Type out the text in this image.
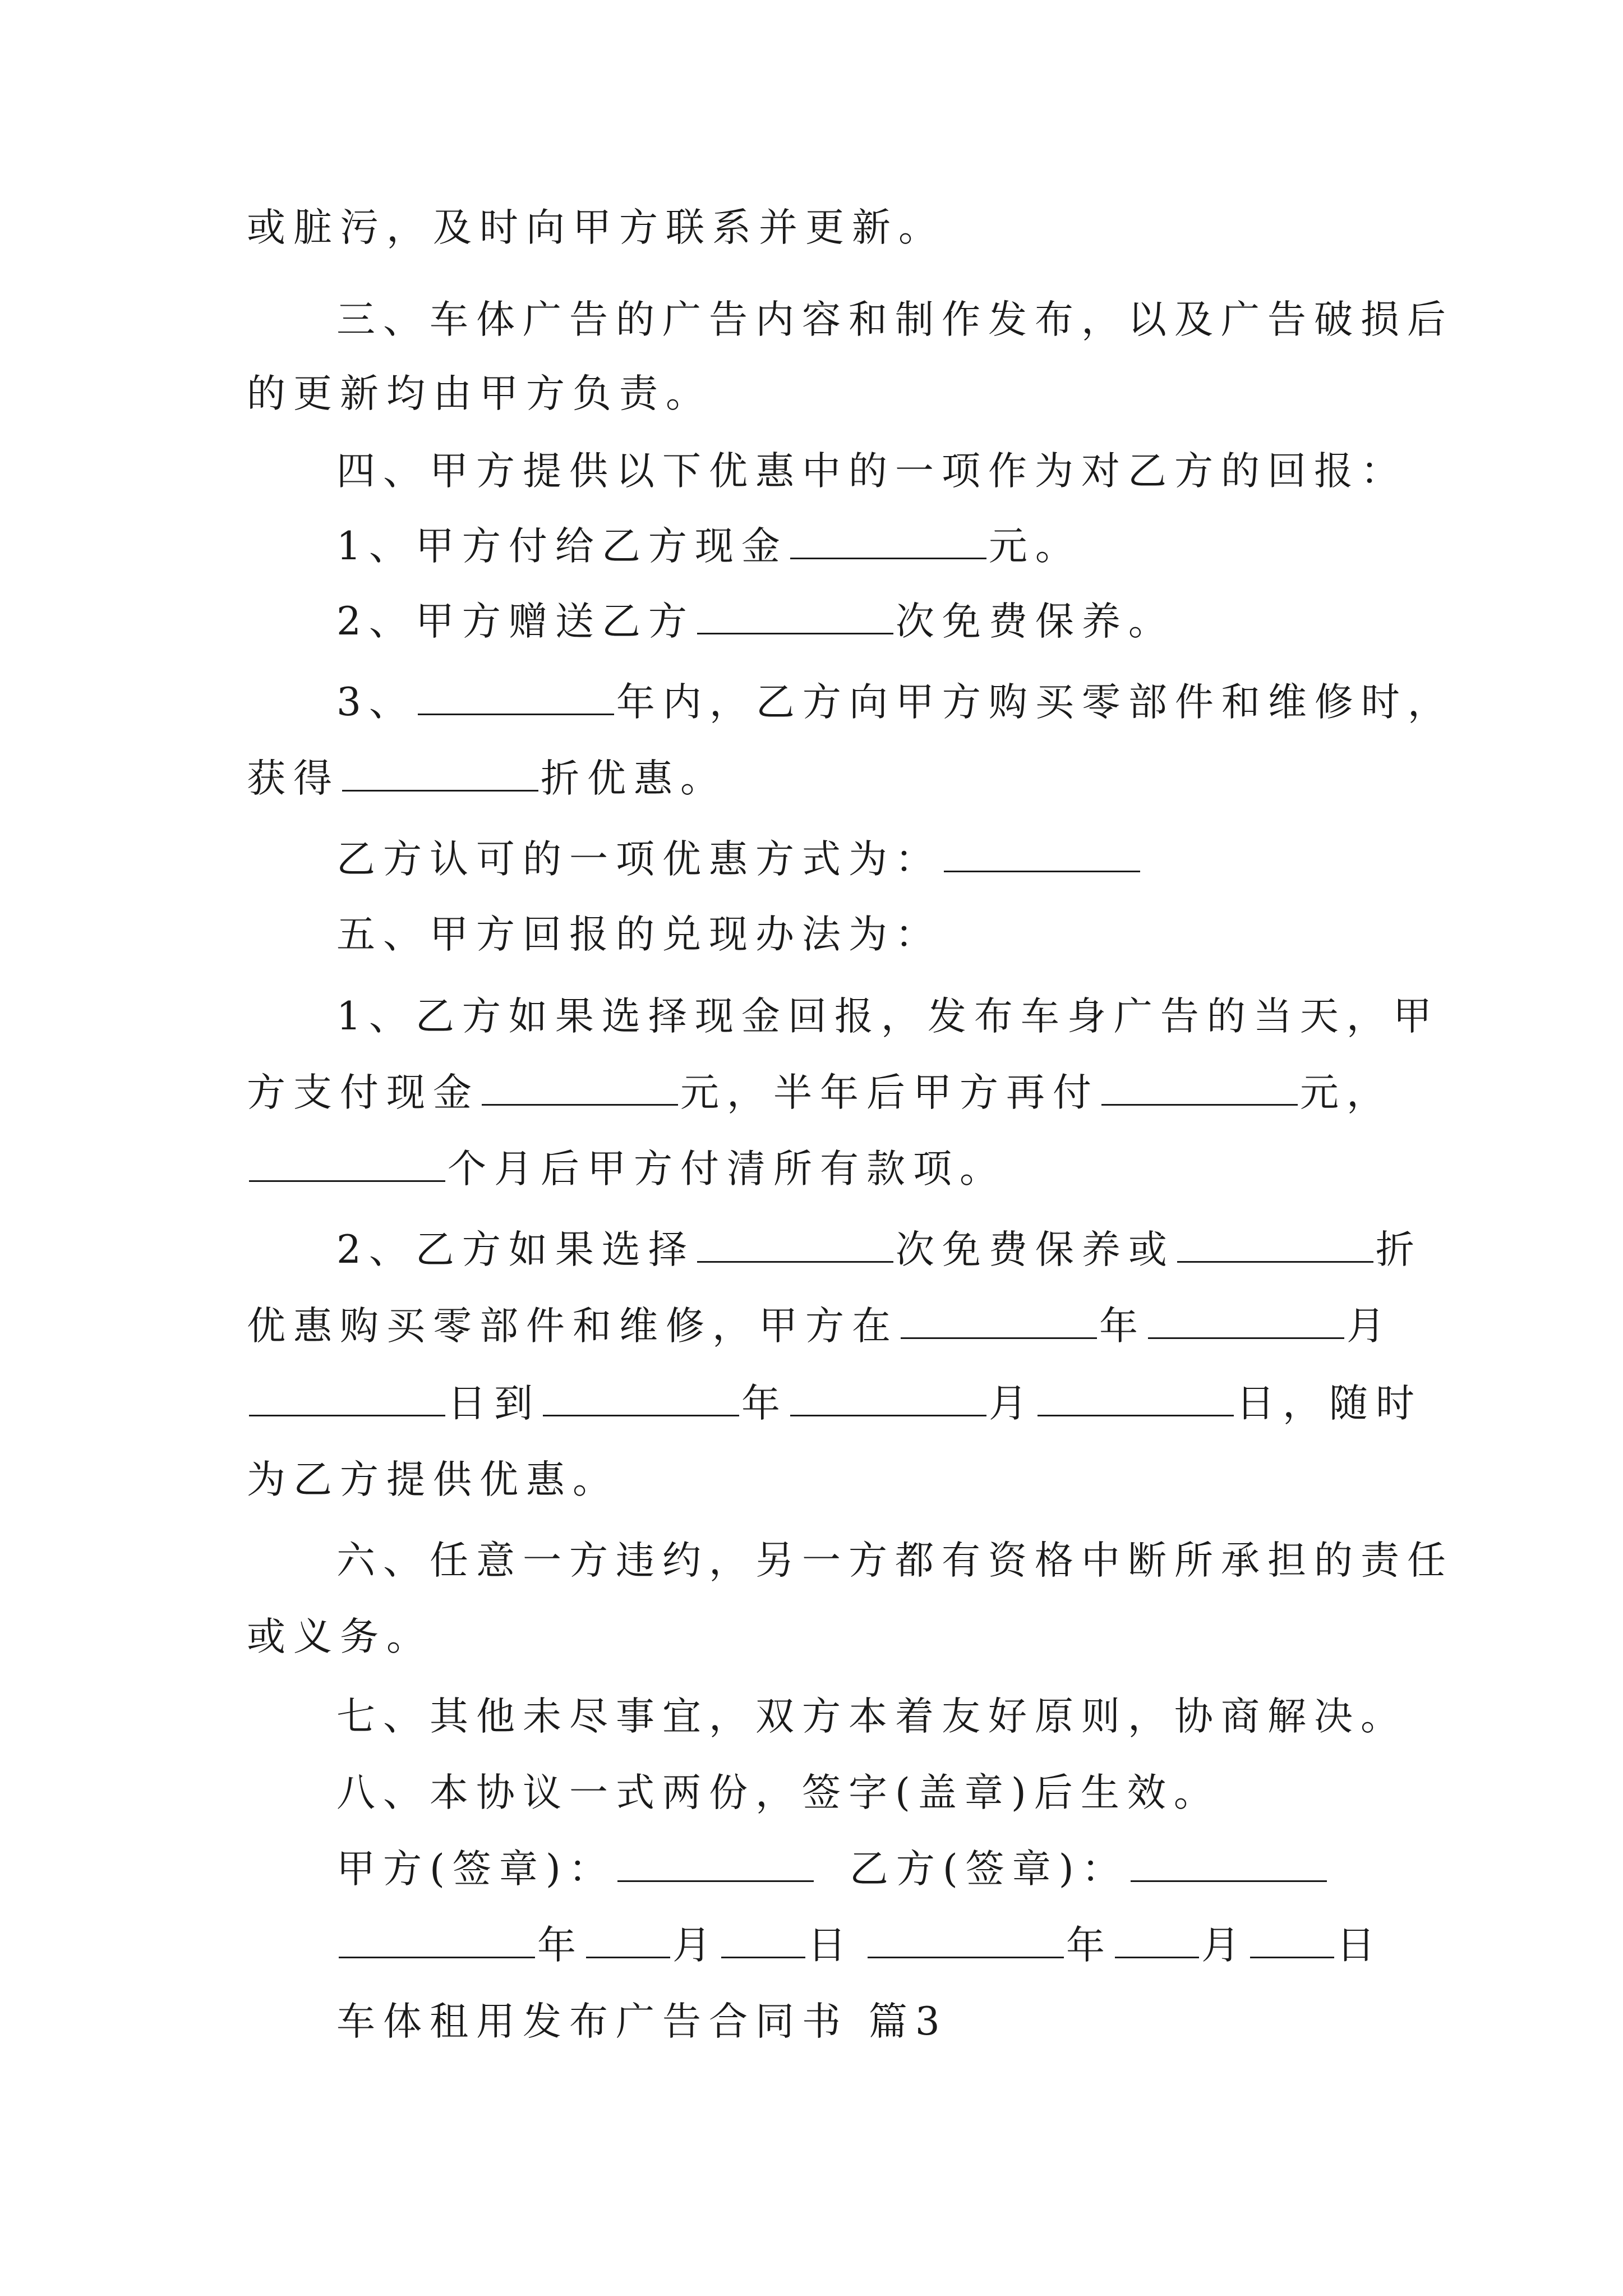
或脏污，及时向甲方联系并更新。
三、车体广告的广告内容和制作发布，以及广告破损后
的更新均由甲方负责。
四、甲方提供以下优惠中的一项作为对乙方的回报：
1、甲方付给乙方现金	元。
2、甲方赠送乙方	次免费保养。
3、	年内，乙方向甲方购买零部件和维修时，
获得	折优惠。
乙方认可的一项优惠方式为：
五、甲方回报的兑现办法为：
1、乙方如果选择现金回报，发布车身广告的当天，甲
方支付现金	元，半年后甲方再付	元，
个月后甲方付清所有款项。
2、乙方如果选择	次免费保养或	折
优惠购买零部件和维修，甲方在	年	月
日到	年	月	日，随时
为乙方提供优惠。
六、任意一方违约，另一方都有资格中断所承担的责任
或义务。
七、其他未尽事宜，双方本着友好原则，协商解决。
八、本协议一式两份，签字(盖章)后生效。
甲方(签章)：	乙方(签章)：
年 月 日	年 月 日
车体租用发布广告合同书 篇3
